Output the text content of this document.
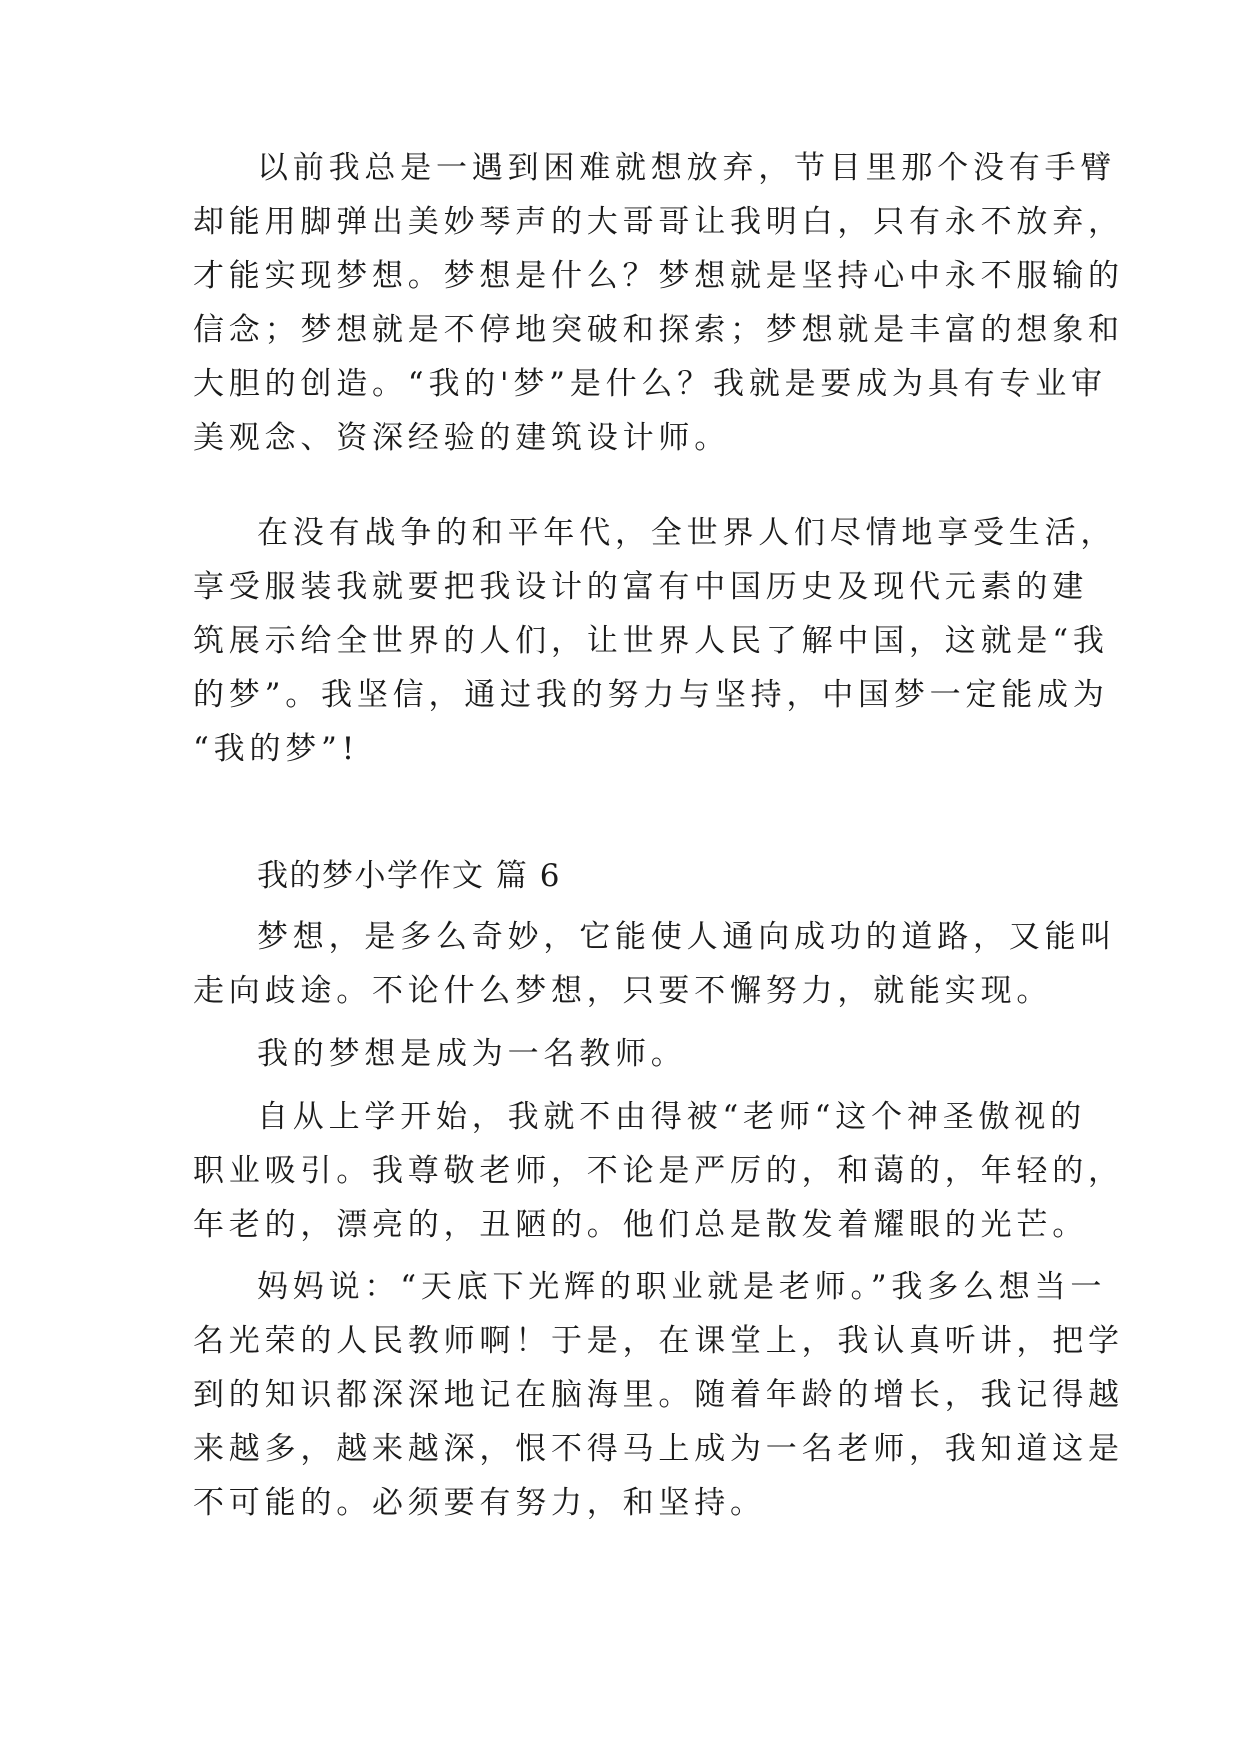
以前我总是一遇到困难就想放弃，节目里那个没有手臂
却能用脚弹出美妙琴声的大哥哥让我明白，只有永不放弃，
才能实现梦想。梦想是什么？梦想就是坚持心中永不服输的
信念；梦想就是不停地突破和探索；梦想就是丰富的想象和
大胆的创造。“我的'梦”是什么？我就是要成为具有专业审
美观念、资深经验的建筑设计师。
在没有战争的和平年代，全世界人们尽情地享受生活，
享受服装我就要把我设计的富有中国历史及现代元素的建
筑展示给全世界的人们，让世界人民了解中国，这就是“我
的梦”。我坚信，通过我的努力与坚持，中国梦一定能成为
“我的梦”!
我的梦小学作文 篇 6
梦想，是多么奇妙，它能使人通向成功的道路，又能叫
走向歧途。不论什么梦想，只要不懈努力，就能实现。
我的梦想是成为一名教师。
自从上学开始，我就不由得被“老师“这个神圣傲视的
职业吸引。我尊敬老师，不论是严厉的，和蔼的，年轻的，
年老的，漂亮的，丑陋的。他们总是散发着耀眼的光芒。
妈妈说：“天底下光辉的职业就是老师。”我多么想当一
名光荣的人民教师啊！于是，在课堂上，我认真听讲，把学
到的知识都深深地记在脑海里。随着年龄的增长，我记得越
来越多，越来越深，恨不得马上成为一名老师，我知道这是
不可能的。必须要有努力，和坚持。
